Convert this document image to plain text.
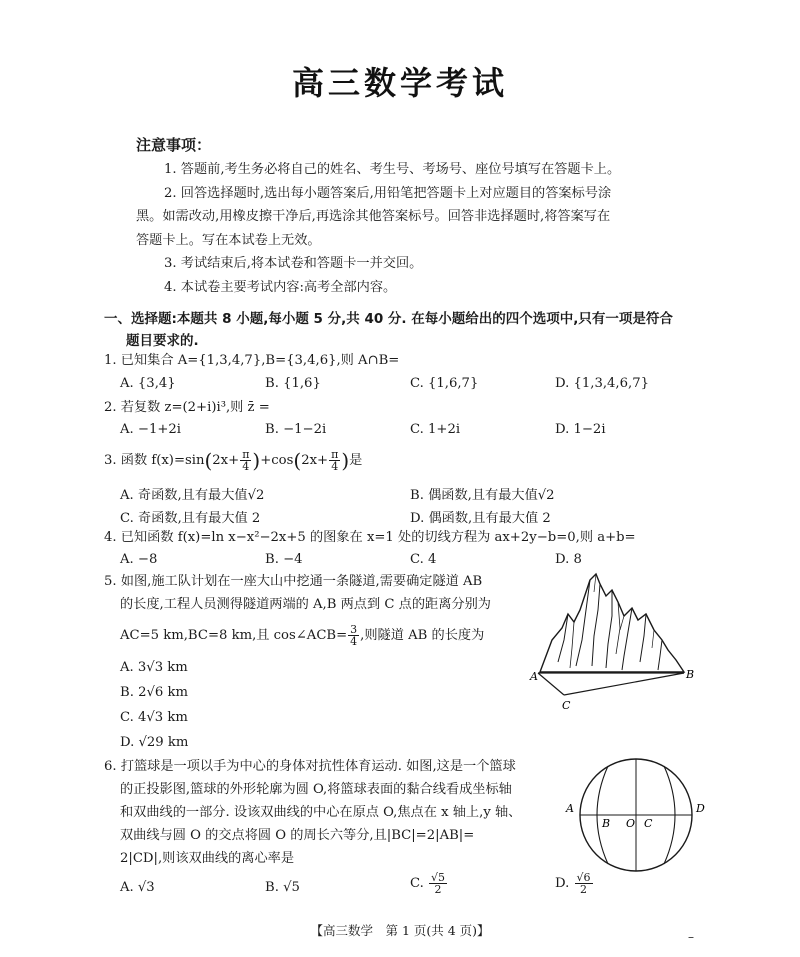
高三数学考试
注意事项：

1. 答题前,考生务必将自己的姓名、考生号、考场号、座位号填写在答题卡上。

2. 回答选择题时,选出每小题答案后,用铅笔把答题卡上对应题目的答案标号涂

黑。如需改动,用橡皮擦干净后,再选涂其他答案标号。回答非选择题时,将答案写在

答题卡上。写在本试卷上无效。

3. 考试结束后,将本试卷和答题卡一并交回。

4. 本试卷主要考试内容:高考全部内容。

一、选择题:本题共 8 小题,每小题 5 分,共 40 分. 在每小题给出的四个选项中,只有一项是符合
题目要求的.
1. 已知集合 A={1,3,4,7},B={3,4,6},则 A∩B=
A. {3,4}	B. {1,6}	C. {1,6,7}	D. {1,3,4,6,7}
2. 若复数 z=(2+i)i³,则 z̄ =
A. −1+2i	B. −1−2i	C. 1+2i	D. 1−2i
3. 函数 $f(x)=\sin(2x+ \frac{\pi}{4} )+\cos(2x+ \frac{\pi}{4}$ )是
A. 奇函数,且有最大值√2	B. 偶函数,且有最大值√2
C. 奇函数,且有最大值 2	D. 偶函数,且有最大值 2
4. 已知函数 f(x)=ln x−x²−2x+5 的图象在 x=1 处的切线方程为 ax+2y−b=0,则 a+b=
A. −8	B. −4	C. 4	D. 8
5. 如图,施工队计划在一座大山中挖通一条隧道,需要确定隧道 AB
的长度,工程人员测得隧道两端的 A,B 两点到 C 点的距离分别为
AC=5 km,BC=8 km,且 cos∠ACB= $\frac{3}{4}$ ,则隧道 AB 的长度为
A. 3√3 km
B. 2√6 km
C. 4√3 km
D. √29 km
A	B
C
6. 打篮球是一项以手为中心的身体对抗性体育运动. 如图,这是一个篮球
的正投影图,篮球的外形轮廓为圆 O,将篮球表面的黏合线看成坐标轴
和双曲线的一部分. 设该双曲线的中心在原点 O,焦点在 x 轴上,y 轴、
双曲线与圆 O 的交点将圆 O 的周长六等分,且|BC|=2|AB|=
2|CD|,则该双曲线的离心率是
A. √3	B. √5	C. $\frac{√5}{2}$	D. $\frac{√6}{2}$
A
B O C
D
【高三数学　第 1 页(共 4 页)】	–
